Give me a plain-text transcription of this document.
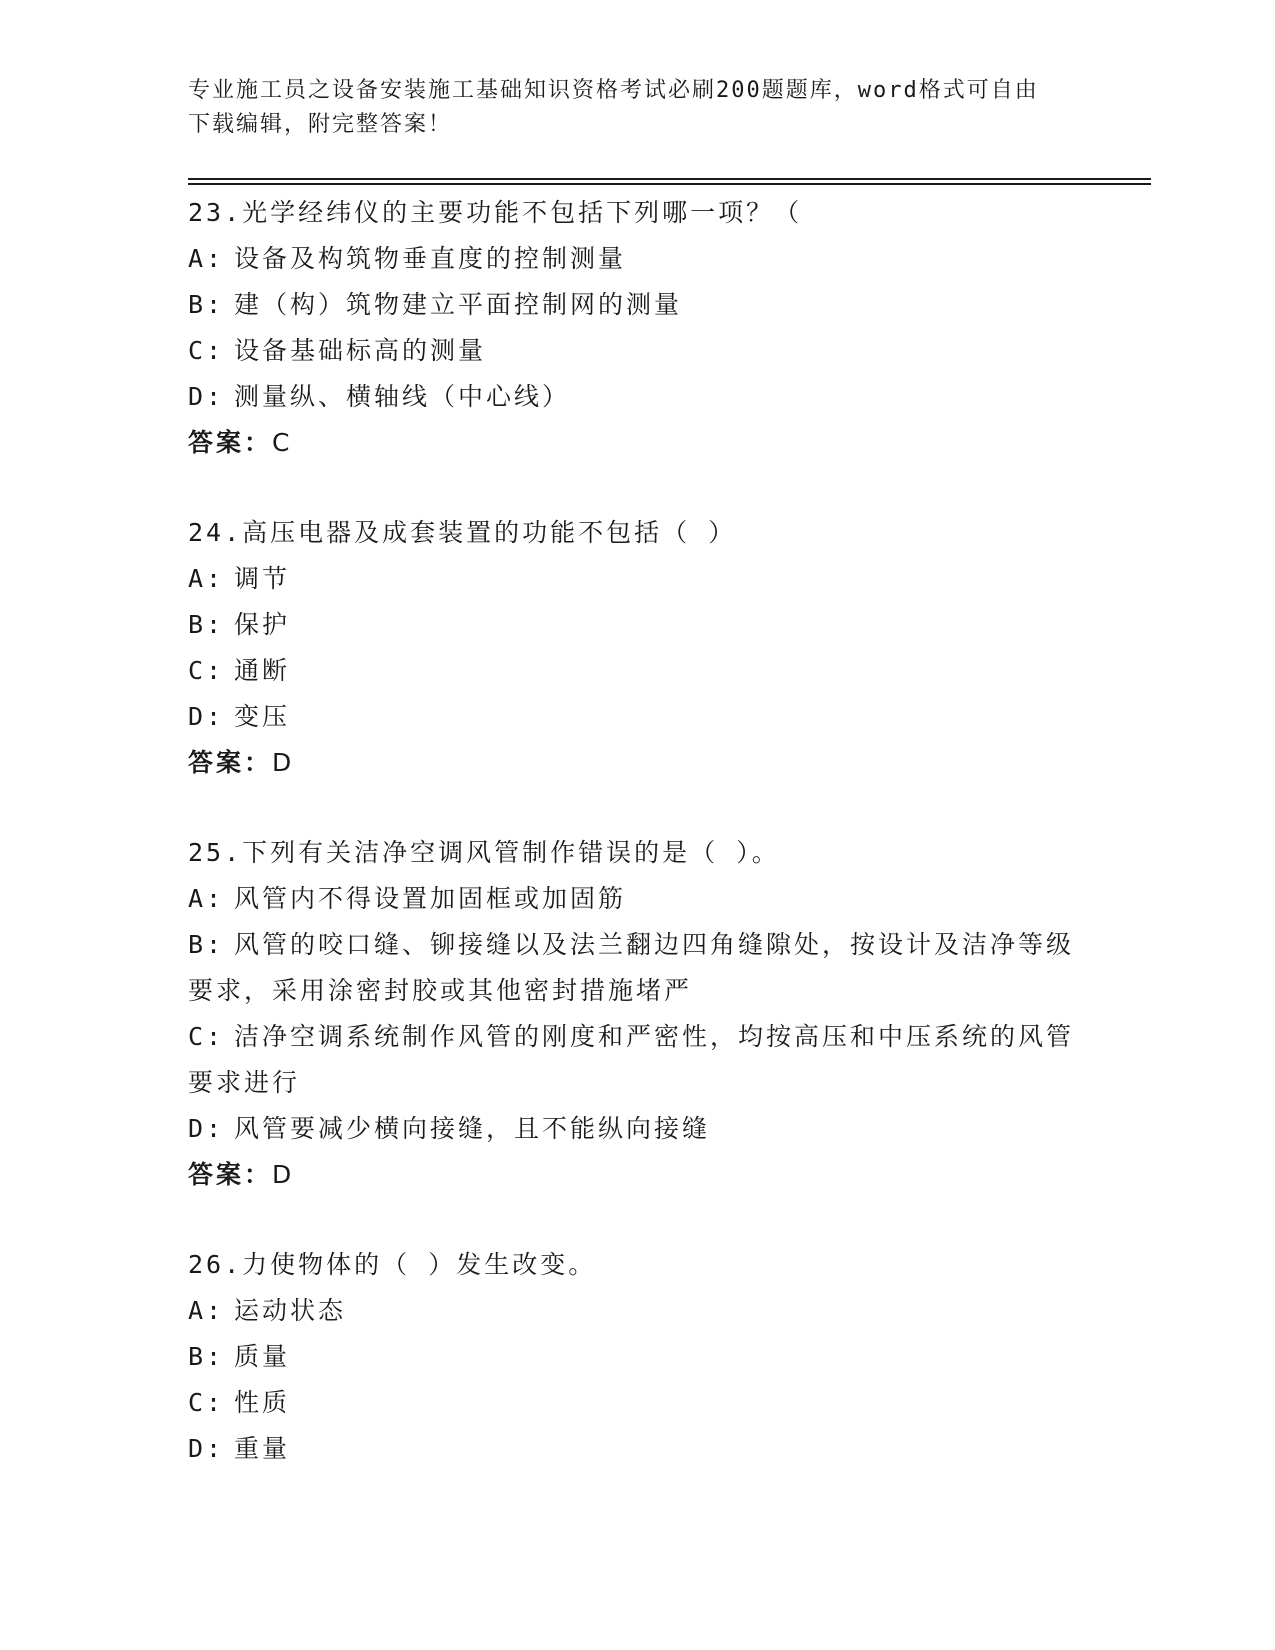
专业施工员之设备安装施工基础知识资格考试必刷200题题库，word格式可自由
下载编辑，附完整答案！
23.光学经纬仪的主要功能不包括下列哪一项？（
A: 设备及构筑物垂直度的控制测量
B: 建（构）筑物建立平面控制网的测量
C: 设备基础标高的测量
D: 测量纵、横轴线（中心线）
答案：C
24.高压电器及成套装置的功能不包括（ ）
A: 调节
B: 保护
C: 通断
D: 变压
答案：D
25.下列有关洁净空调风管制作错误的是（ ）。
A: 风管内不得设置加固框或加固筋
B: 风管的咬口缝、铆接缝以及法兰翻边四角缝隙处，按设计及洁净等级要求，采用涂密封胶或其他密封措施堵严
C: 洁净空调系统制作风管的刚度和严密性，均按高压和中压系统的风管要求进行
D: 风管要减少横向接缝，且不能纵向接缝
答案：D
26.力使物体的（ ）发生改变。
A: 运动状态
B: 质量
C: 性质
D: 重量
